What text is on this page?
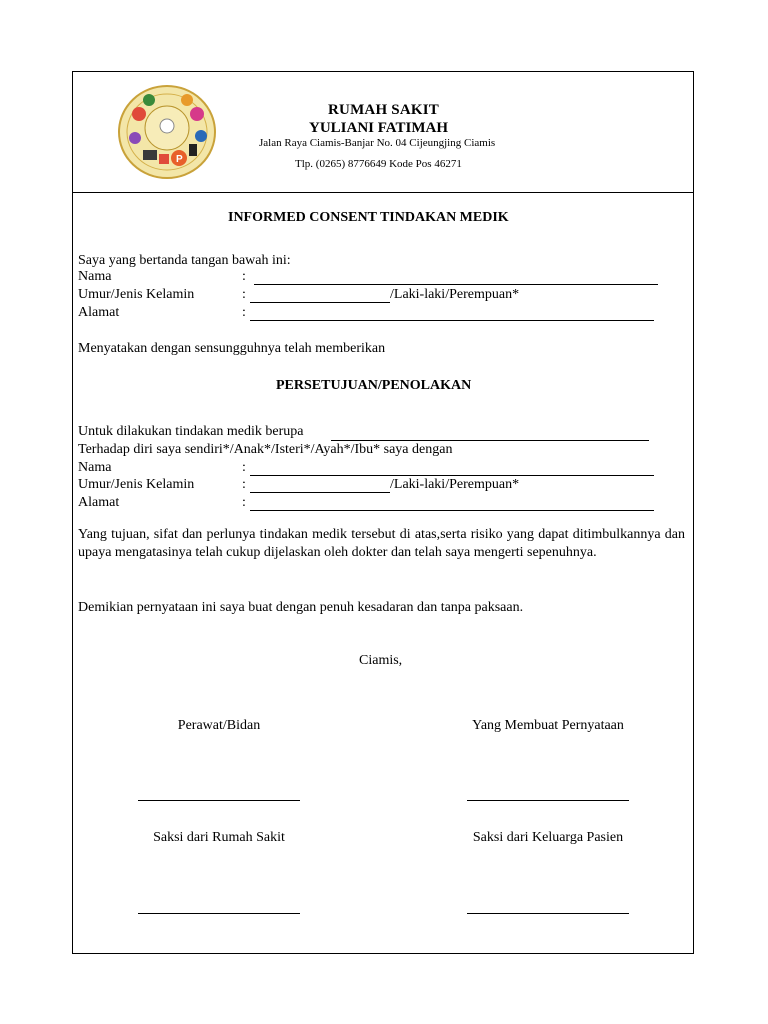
P
RUMAH SAKIT
YULIANI FATIMAH
Jalan Raya Ciamis-Banjar No. 04 Cijeungjing Ciamis
Tlp. (0265) 8776649 Kode Pos 46271
INFORMED CONSENT TINDAKAN MEDIK
Saya yang bertanda tangan bawah ini:
Nama	:
Umur/Jenis Kelamin	:	/Laki-laki/Perempuan*
Alamat	:
Menyatakan dengan sensungguhnya telah memberikan
PERSETUJUAN/PENOLAKAN
Untuk dilakukan tindakan medik berupa
Terhadap diri saya sendiri*/Anak*/Isteri*/Ayah*/Ibu* saya dengan
Nama	:
Umur/Jenis Kelamin	:	/Laki-laki/Perempuan*
Alamat	:
Yang tujuan, sifat dan perlunya tindakan medik tersebut di atas,serta risiko yang dapat ditimbulkannya dan upaya mengatasinya telah cukup dijelaskan oleh dokter dan telah saya mengerti sepenuhnya.
Demikian pernyataan ini saya buat dengan penuh kesadaran dan tanpa paksaan.
Ciamis,
Perawat/Bidan	Yang Membuat Pernyataan
Saksi dari Rumah Sakit	Saksi dari Keluarga Pasien
